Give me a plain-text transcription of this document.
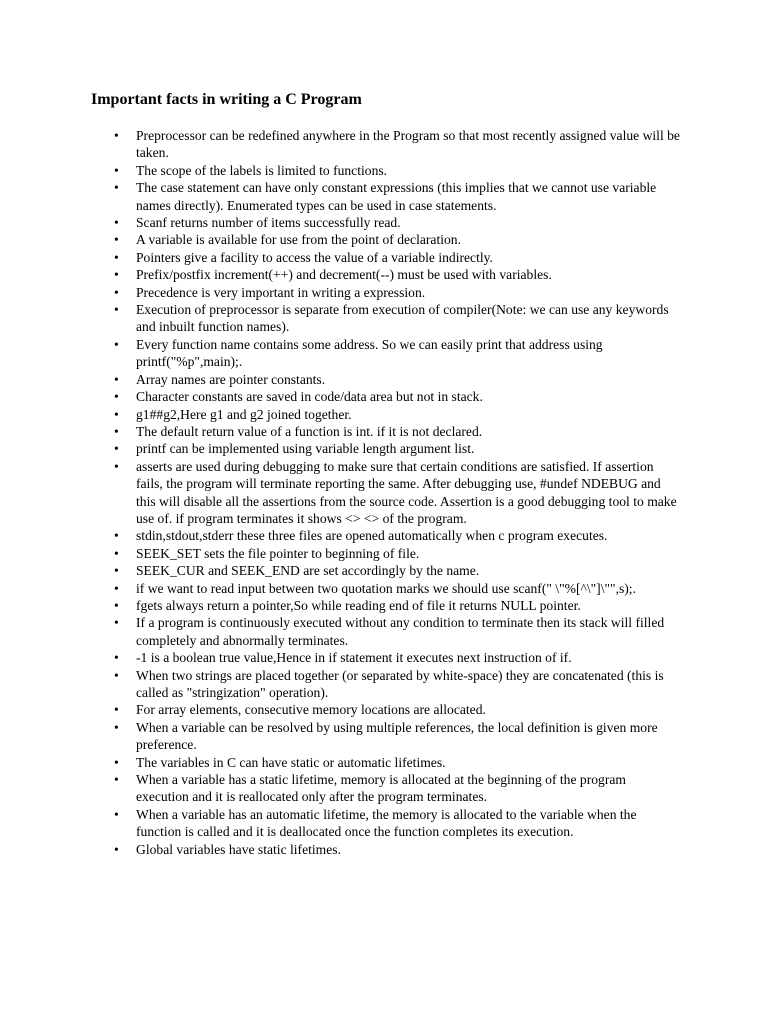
Important facts in writing a C Program
• Preprocessor can be redefined anywhere in the Program so that most recently assigned value will be taken.
• The scope of the labels is limited to functions.
• The case statement can have only constant expressions (this implies that we cannot use variable names directly). Enumerated types can be used in case statements.
• Scanf returns number of items successfully read.
• A variable is available for use from the point of declaration.
• Pointers give a facility to access the value of a variable indirectly.
• Prefix/postfix increment(++) and decrement(--) must be used with variables.
• Precedence is very important in writing a expression.
• Execution of preprocessor is separate from execution of compiler(Note: we can use any keywords and inbuilt function names).
• Every function name contains some address. So we can easily print that address using printf("%p",main);.
• Array names are pointer constants.
• Character constants are saved in code/data area but not in stack.
• g1##g2,Here g1 and g2 joined together.
• The default return value of a function is int. if it is not declared.
• printf can be implemented using variable length argument list.
• asserts are used during debugging to make sure that certain conditions are satisfied. If assertion fails, the program will terminate reporting the same. After debugging use, #undef NDEBUG and this will disable all the assertions from the source code. Assertion is a good debugging tool to make use of. if program terminates it shows <> <> of the program.
• stdin,stdout,stderr these three files are opened automatically when c program executes.
• SEEK_SET sets the file pointer to beginning of file.
• SEEK_CUR and SEEK_END are set accordingly by the name.
• if we want to read input between two quotation marks we should use scanf(" \"%[^\"]\"",s);.
• fgets always return a pointer,So while reading end of file it returns NULL pointer.
• If a program is continuously executed without any condition to terminate then its stack will filled completely and abnormally terminates.
• -1 is a boolean true value,Hence in if statement it executes next instruction of if.
• When two strings are placed together (or separated by white-space) they are concatenated (this is called as "stringization" operation).
• For array elements, consecutive memory locations are allocated.
• When a variable can be resolved by using multiple references, the local definition is given more preference.
• The variables in C can have static or automatic lifetimes.
• When a variable has a static lifetime, memory is allocated at the beginning of the program execution and it is reallocated only after the program terminates.
• When a variable has an automatic lifetime, the memory is allocated to the variable when the function is called and it is deallocated once the function completes its execution.
• Global variables have static lifetimes.
